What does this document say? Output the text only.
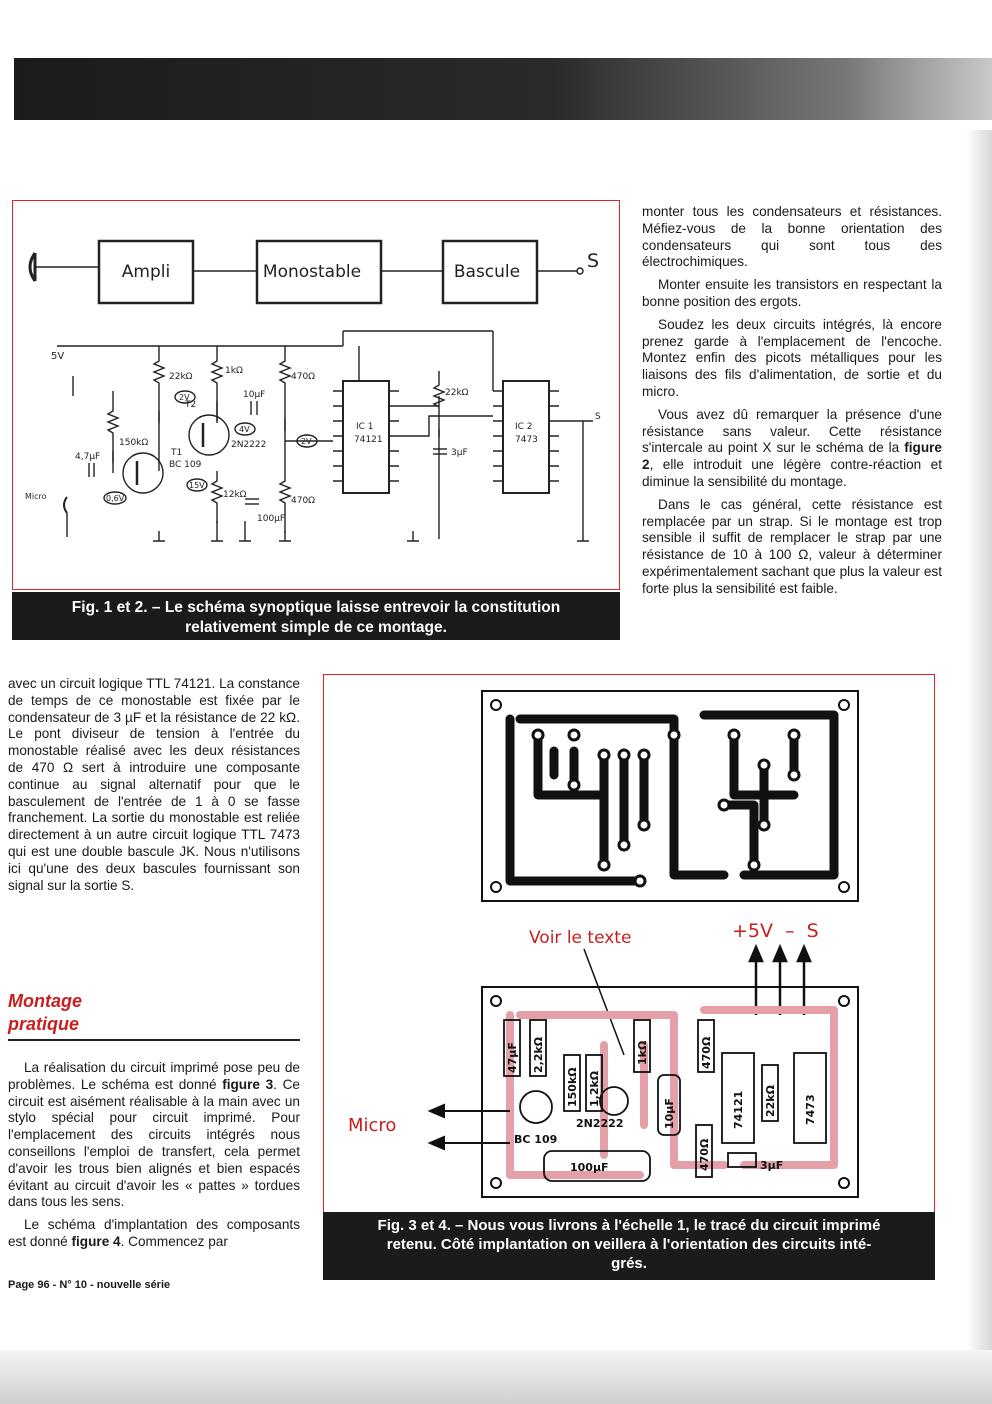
Ampli	Monostable	Bascule	S
5V
22kΩ
1kΩ
470Ω
22kΩ
150kΩ
12kΩ
470Ω
T2
2N2222
T1
BC 109
10µF
4,7µF	3µF
100µF
2V
4V
2V
15V
0,6V
Micro
IC 1
74121
IC 2
7473
S
Fig. 1 et 2. – Le schéma synoptique laisse entrevoir la constitution
relativement simple de ce montage.

monter tous les condensateurs et résistances. Méfiez-vous de la bonne orientation des condensateurs qui sont tous des électrochimiques.

Monter ensuite les transistors en respectant la bonne position des ergots.

Soudez les deux circuits intégrés, là encore prenez garde à l'emplacement de l'encoche. Montez enfin des picots métalliques pour les liaisons des fils d'alimentation, de sortie et du micro.

Vous avez dû remarquer la présence d'une résistance sans valeur. Cette résistance s'intercale au point X sur le schéma de la figure 2, elle introduit une légère contre-réaction et diminue la sensibilité du montage.

Dans le cas général, cette résistance est remplacée par un strap. Si le montage est trop sensible il suffit de remplacer le strap par une résistance de 10 à 100 Ω, valeur à déterminer expérimentalement sachant que plus la valeur est forte plus la sensibilité est faible.

avec un circuit logique TTL 74121. La constance de temps de ce monostable est fixée par le condensateur de 3 µF et la résistance de 22 kΩ. Le pont diviseur de tension à l'entrée du monostable réalisé avec les deux résistances de 470 Ω sert à introduire une composante continue au signal alternatif pour que le basculement de l'entrée de 1 à 0 se fasse franchement. La sortie du monostable est reliée directement à un autre circuit logique TTL 7473 qui est une double bascule JK. Nous n'utilisons ici qu'une des deux bascules fournissant son signal sur la sortie S.

Montage
pratique

La réalisation du circuit imprimé pose peu de problèmes. Le schéma est donné figure 3. Ce circuit est aisément réalisable à la main avec un stylo spécial pour circuit imprimé. Pour l'emplacement des circuits intégrés nous conseillons l'emploi de transfert, cela permet d'avoir les trous bien alignés et bien espacés évitant au circuit d'avoir les « pattes » tordues dans tous les sens.

Le schéma d'implantation des composants est donné figure 4. Commencez par

Page 96 - N° 10 - nouvelle série
Voir le texte	+5V  –  S
Micro
47µF 2,2kΩ
150kΩ 1,2kΩ
1kΩ	470Ω
10µF	74121 22kΩ 7473
470Ω
100µF	3µF
BC 109
2N2222
Fig. 3 et 4. – Nous vous livrons à l'échelle 1, le tracé du circuit imprimé
retenu. Côté implantation on veillera à l'orientation des circuits inté-
grés.
